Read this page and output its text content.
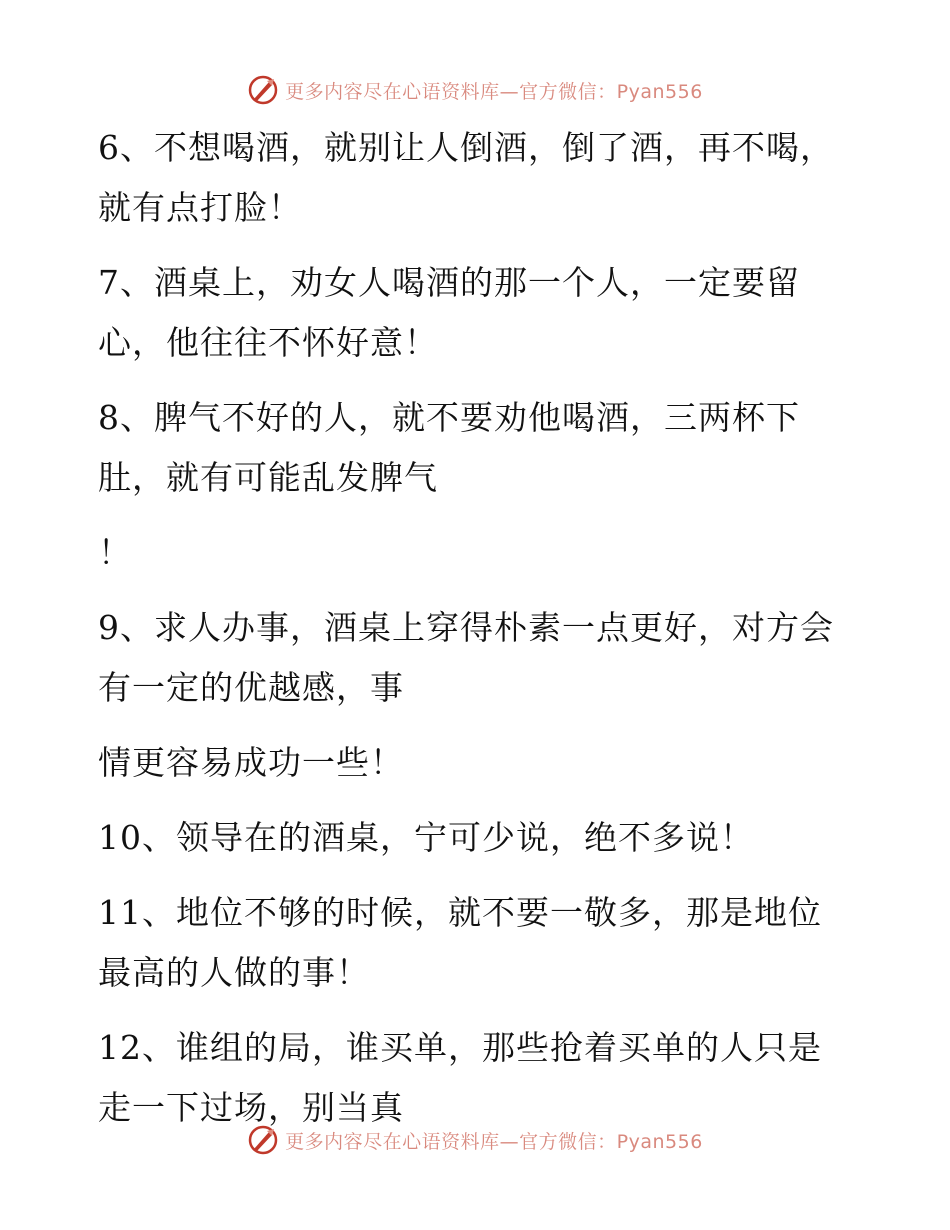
更多内容尽在心语资料库—官方微信：Pyan556
6、不想喝酒，就别让人倒酒，倒了酒，再不喝，
就有点打脸！
7、酒桌上，劝女人喝酒的那一个人，一定要留
心，他往往不怀好意！
8、脾气不好的人，就不要劝他喝酒，三两杯下
肚，就有可能乱发脾气
！
9、求人办事，酒桌上穿得朴素一点更好，对方会
有一定的优越感，事
情更容易成功一些！
10、领导在的酒桌，宁可少说，绝不多说！
11、地位不够的时候，就不要一敬多，那是地位
最高的人做的事！
12、谁组的局，谁买单，那些抢着买单的人只是
走一下过场，别当真
更多内容尽在心语资料库—官方微信：Pyan556
